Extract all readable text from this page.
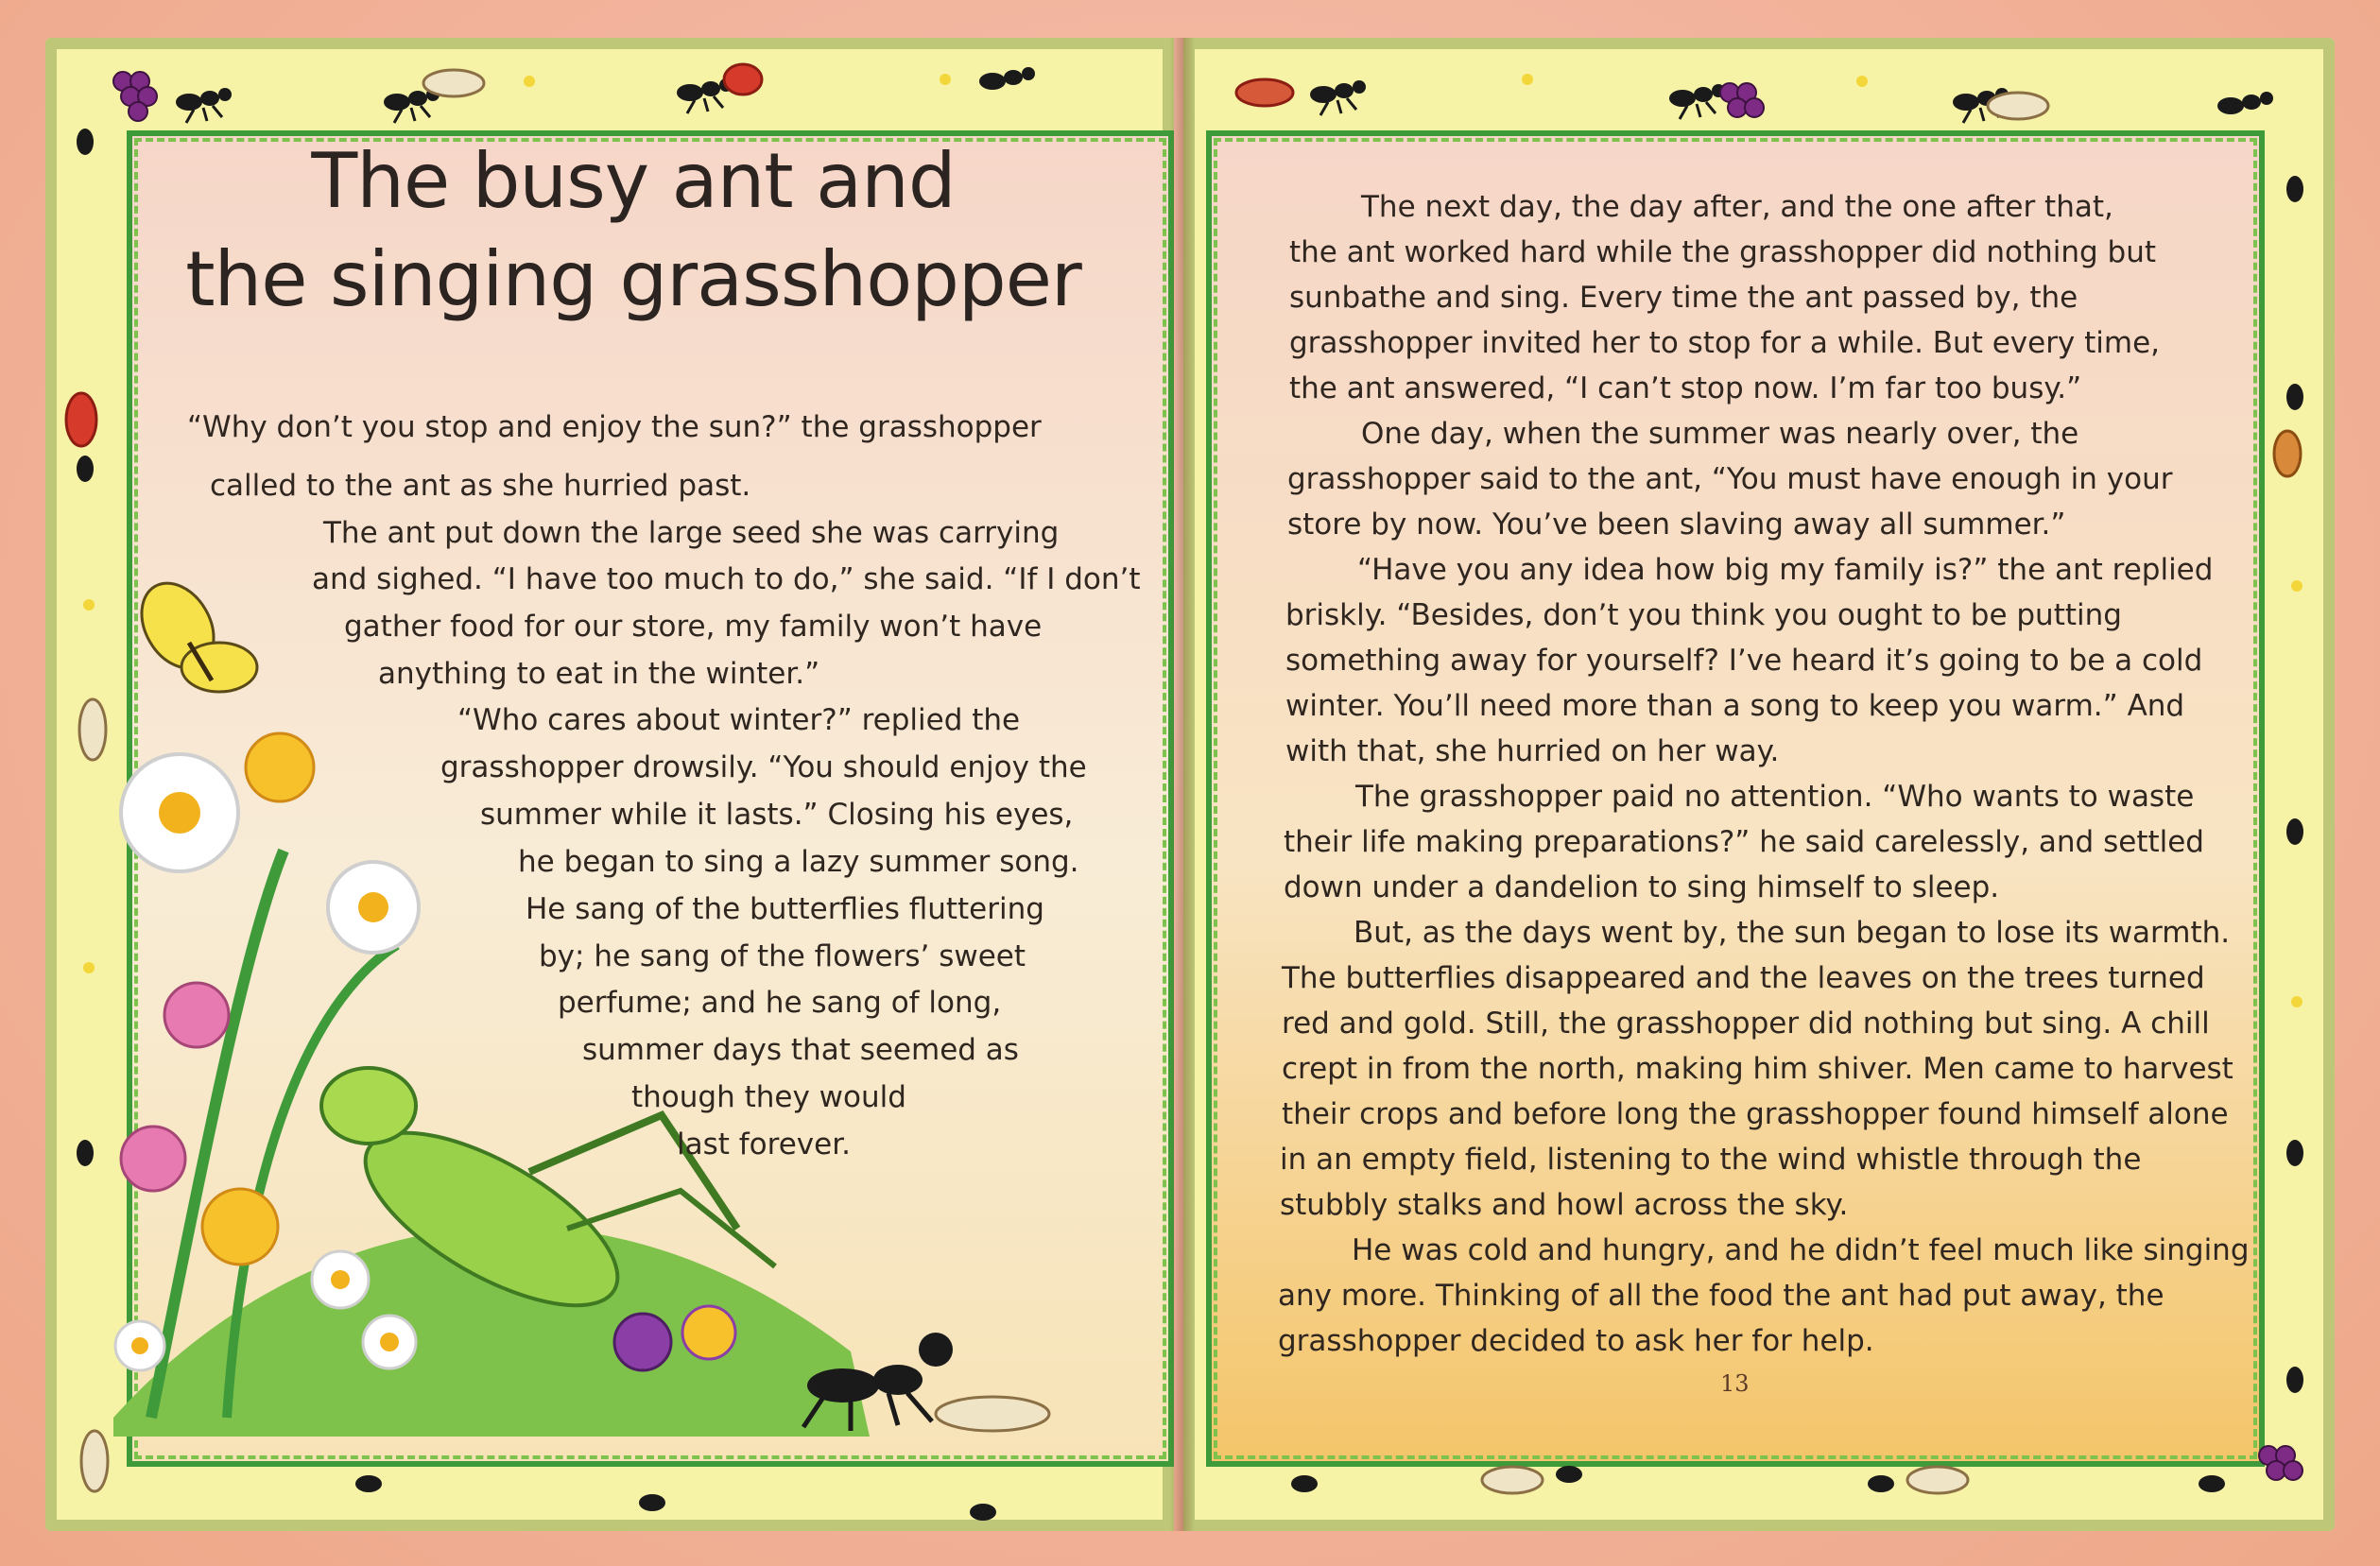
The busy ant and
the singing grasshopper
“Why don’t you stop and enjoy the sun?” the grasshopper
called to the ant as she hurried past.
The ant put down the large seed she was carrying
and sighed. “I have too much to do,” she said. “If I don’t
gather food for our store, my family won’t have
anything to eat in the winter.”
“Who cares about winter?” replied the
grasshopper drowsily. “You should enjoy the
summer while it lasts.” Closing his eyes,
he began to sing a lazy summer song.
He sang of the butterflies fluttering
by; he sang of the flowers’ sweet
perfume; and he sang of long,
summer days that seemed as
though they would
last forever.
The next day, the day after, and the one after that,
the ant worked hard while the grasshopper did nothing but
sunbathe and sing. Every time the ant passed by, the
grasshopper invited her to stop for a while. But every time,
the ant answered, “I can’t stop now. I’m far too busy.”
One day, when the summer was nearly over, the
grasshopper said to the ant, “You must have enough in your
store by now. You’ve been slaving away all summer.”
“Have you any idea how big my family is?” the ant replied
briskly. “Besides, don’t you think you ought to be putting
something away for yourself? I’ve heard it’s going to be a cold
winter. You’ll need more than a song to keep you warm.” And
with that, she hurried on her way.
The grasshopper paid no attention. “Who wants to waste
their life making preparations?” he said carelessly, and settled
down under a dandelion to sing himself to sleep.
But, as the days went by, the sun began to lose its warmth.
The butterflies disappeared and the leaves on the trees turned
red and gold. Still, the grasshopper did nothing but sing. A chill
crept in from the north, making him shiver. Men came to harvest
their crops and before long the grasshopper found himself alone
in an empty field, listening to the wind whistle through the
stubbly stalks and howl across the sky.
He was cold and hungry, and he didn’t feel much like singing
any more. Thinking of all the food the ant had put away, the
grasshopper decided to ask her for help.
13
